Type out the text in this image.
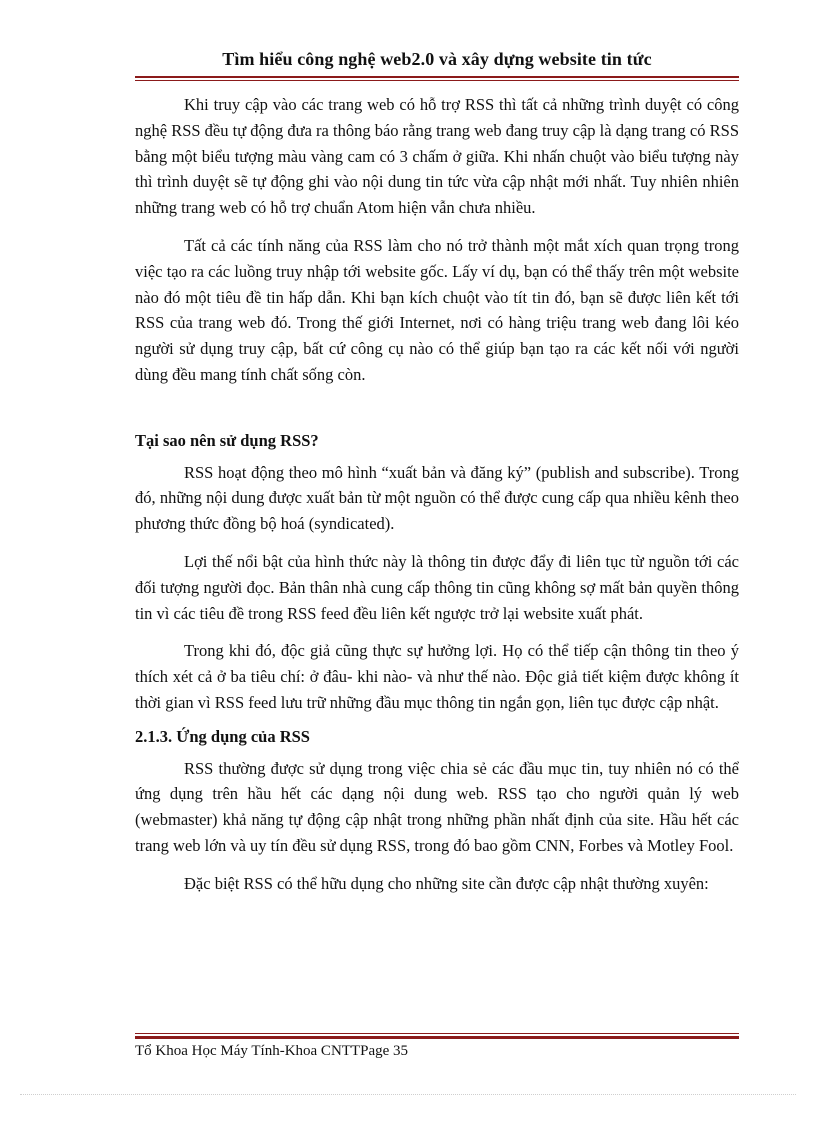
Tìm hiểu công nghệ web2.0 và xây dựng website tin tức

Khi truy cập vào các trang web có hỗ trợ RSS thì tất cả những trình duyệt có công nghệ RSS đều tự động đưa ra thông báo rằng trang web đang truy cập là dạng trang có RSS bằng một biểu tượng màu vàng cam có 3 chấm ở giữa. Khi nhấn chuột vào biểu tượng này thì trình duyệt sẽ tự động ghi vào nội dung tin tức vừa cập nhật mới nhất. Tuy nhiên nhiên những trang web có hỗ trợ chuẩn Atom hiện vẫn chưa nhiều.

Tất cả các tính năng của RSS làm cho nó trở thành một mắt xích quan trọng trong việc tạo ra các luồng truy nhập tới website gốc. Lấy ví dụ, bạn có thể thấy trên một website nào đó một tiêu đề tin hấp dẫn. Khi bạn kích chuột vào tít tin đó, bạn sẽ được liên kết tới RSS của trang web đó. Trong thế giới Internet, nơi có hàng triệu trang web đang lôi kéo người sử dụng truy cập, bất cứ công cụ nào có thể giúp bạn tạo ra các kết nối với người dùng đều mang tính chất sống còn.

Tại sao nên sử dụng RSS?

RSS hoạt động theo mô hình “xuất bản và đăng ký” (publish and subscribe). Trong đó, những nội dung được xuất bản từ một nguồn có thể được cung cấp qua nhiều kênh theo phương thức đồng bộ hoá (syndicated).

Lợi thế nổi bật của hình thức này là thông tin được đẩy đi liên tục từ nguồn tới các đối tượng người đọc. Bản thân nhà cung cấp thông tin cũng không sợ mất bản quyền thông tin vì các tiêu đề trong RSS feed đều liên kết ngược trở lại website xuất phát.

Trong khi đó, độc giả cũng thực sự hưởng lợi. Họ có thể tiếp cận thông tin theo ý thích xét cả ở ba tiêu chí: ở đâu- khi nào- và như thế nào. Độc giả tiết kiệm được không ít thời gian vì RSS feed lưu trữ những đầu mục thông tin ngắn gọn, liên tục được cập nhật.

2.1.3. Ứng dụng của RSS

RSS thường được sử dụng trong việc chia sẻ các đầu mục tin, tuy nhiên nó có thể ứng dụng trên hầu hết các dạng nội dung web. RSS tạo cho người quản lý web (webmaster) khả năng tự động cập nhật trong những phần nhất định của site. Hầu hết các trang web lớn và uy tín đều sử dụng RSS, trong đó bao gồm CNN, Forbes và Motley Fool.

Đặc biệt RSS có thể hữu dụng cho những site cần được cập nhật thường xuyên:

Tổ Khoa Học Máy Tính-Khoa CNTTPage 35
